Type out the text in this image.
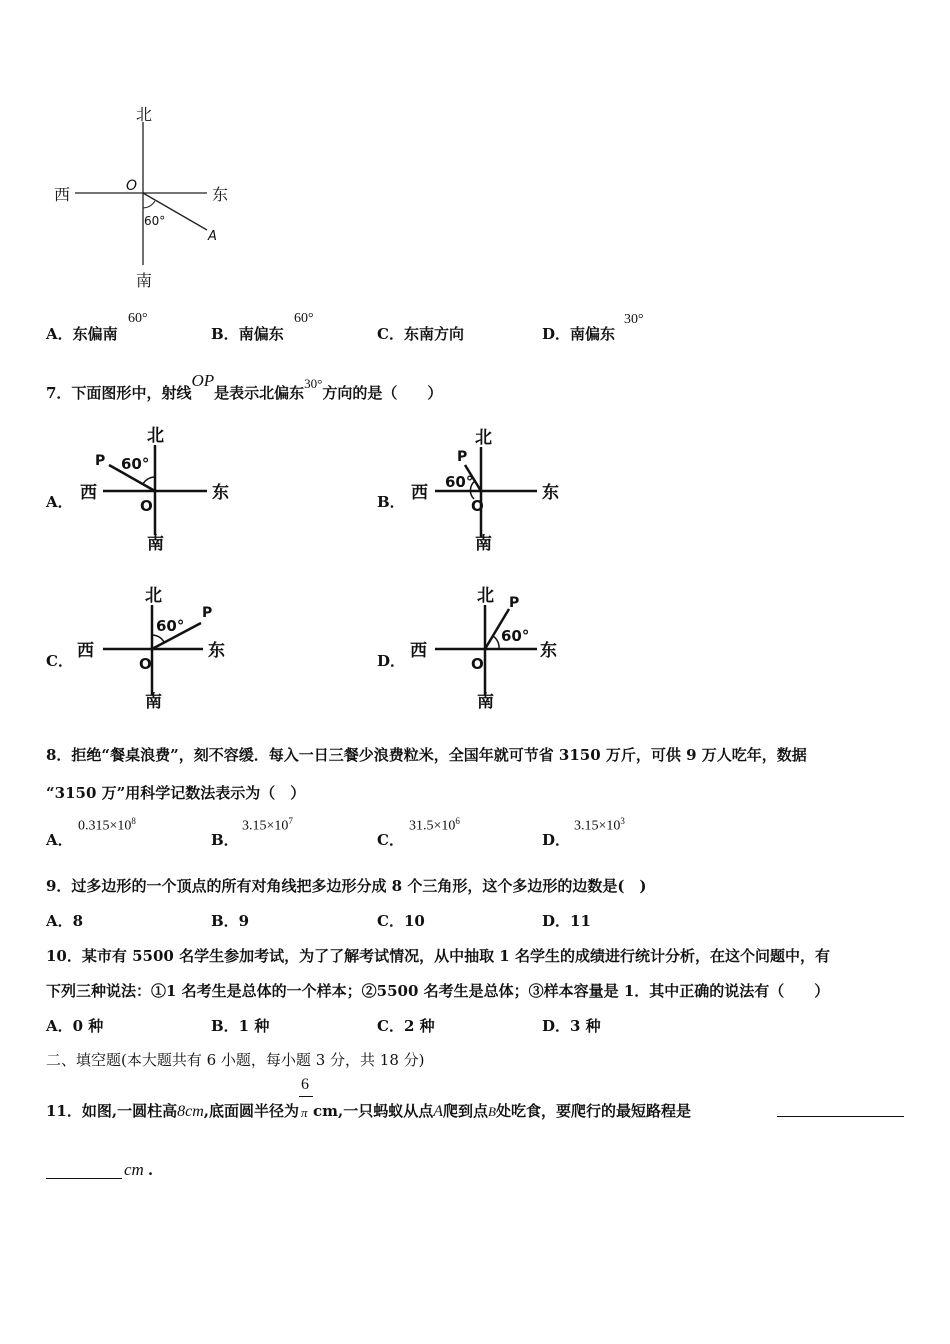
北
南
西	东
O
60°
A
A．东偏南
60°
B．南偏东
60°
C．东南方向	D．南偏东
30°
7．下面图形中，射线OP是表示北偏东30°方向的是（　　）
A．
北
南
西	东
O
P 60°
B．
北
南
西	东
O
P
60°
C．
北
南
西	东
O
P
60°
D．
北
南
西	东
O
P
60°
8．拒绝“餐桌浪费”，刻不容缓．每入一日三餐少浪费粒米，全国年就可节省 3150 万斤，可供 9 万人吃年，数据
“3150 万”用科学记数法表示为（　）
A．
$0.315\times 10^8$
B．
$3.15\times 10^7$
C．
$31.5\times 10^6$
D．
$3.15\times 10^3$
9．过多边形的一个顶点的所有对角线把多边形分成 8 个三角形，这个多边形的边数是(　)
A．8	B．9	C．10	D．11
10．某市有 5500 名学生参加考试，为了了解考试情况，从中抽取 1 名学生的成绩进行统计分析，在这个问题中，有
下列三种说法：①1 名考生是总体的一个样本；②5500 名考生是总体；③样本容量是 1．其中正确的说法有（　　）
A．0 种	B．1 种	C．2 种	D．3 种
二、填空题(本大题共有 6 小题，每小题 3 分，共 18 分)
11．如图,一圆柱高8cm,底面圆半径为
6
π cm,一只蚂蚁从点A爬到点B处吃食，要爬行的最短路程是
cm .
